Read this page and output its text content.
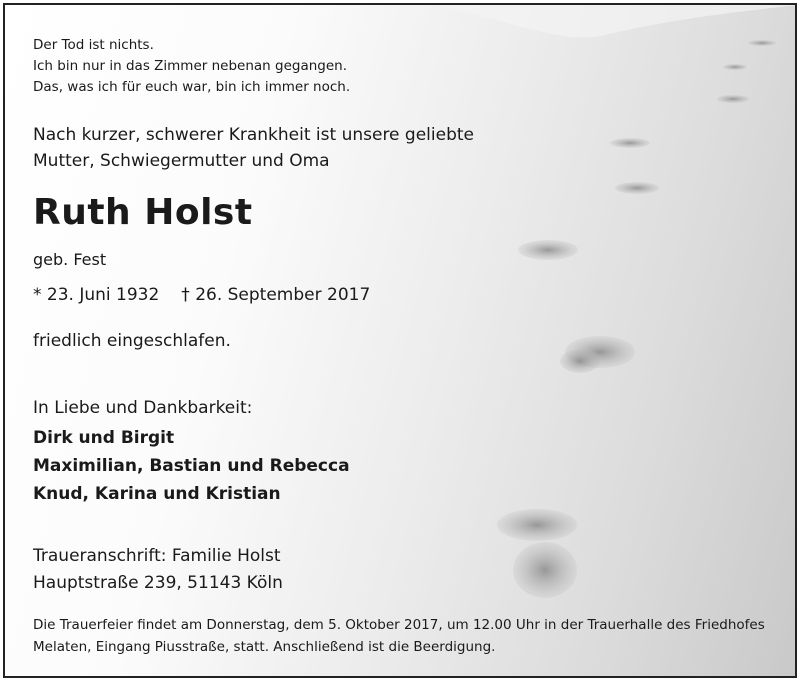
Der Tod ist nichts.
Ich bin nur in das Zimmer nebenan gegangen.
Das, was ich für euch war, bin ich immer noch.
Nach kurzer, schwerer Krankheit ist unsere geliebte
Mutter, Schwiegermutter und Oma
Ruth Holst
geb. Fest
* 23. Juni 1932 † 26. September 2017
friedlich eingeschlafen.
In Liebe und Dankbarkeit:
Dirk und Birgit
Maximilian, Bastian und Rebecca
Knud, Karina und Kristian
Traueranschrift: Familie Holst
Hauptstraße 239, 51143 Köln
Die Trauerfeier findet am Donnerstag, dem 5. Oktober 2017, um 12.00 Uhr in der Trauerhalle des Friedhofes Melaten, Eingang Piusstraße, statt. Anschließend ist die Beerdigung.
